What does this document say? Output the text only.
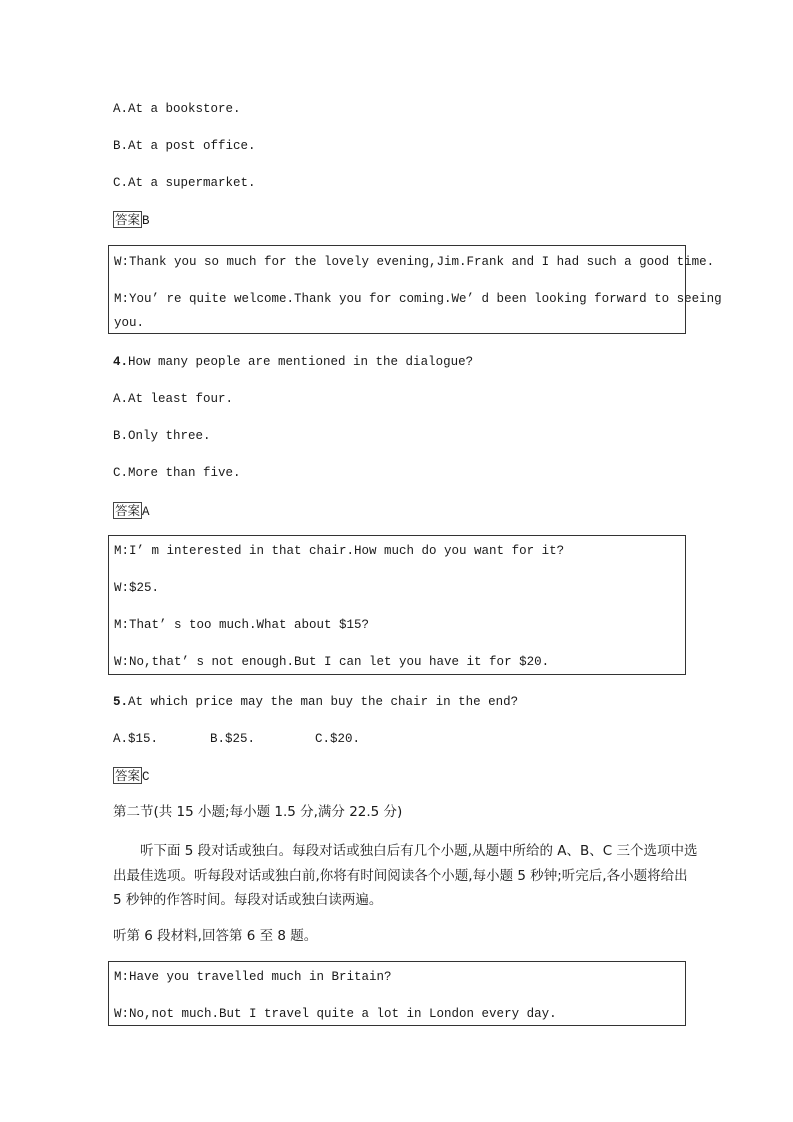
A.At a bookstore.
B.At a post office.
C.At a supermarket.
答案 B
W:Thank you so much for the lovely evening,Jim.Frank and I had such a good time.
M:You’ re quite welcome.Thank you for coming.We’ d been looking forward to seeing
you.
4.How many people are mentioned in the dialogue?
A.At least four.
B.Only three.
C.More than five.
答案 A
M:I’ m interested in that chair.How much do you want for it?
W:$25.
M:That’ s too much.What about $15?
W:No,that’ s not enough.But I can let you have it for $20.
5.At which price may the man buy the chair in the end?
A.$15.	B.$25.	C.$20.
答案 C
第二节(共 15 小题;每小题 1.5 分,满分 22.5 分)
听下面 5 段对话或独白。每段对话或独白后有几个小题,从题中所给的 A、B、C 三个选项中选出最佳选项。听每段对话或独白前,你将有时间阅读各个小题,每小题 5 秒钟;听完后,各小题将给出 5 秒钟的作答时间。每段对话或独白读两遍。
听第 6 段材料,回答第 6 至 8 题。
M:Have you travelled much in Britain?
W:No,not much.But I travel quite a lot in London every day.
